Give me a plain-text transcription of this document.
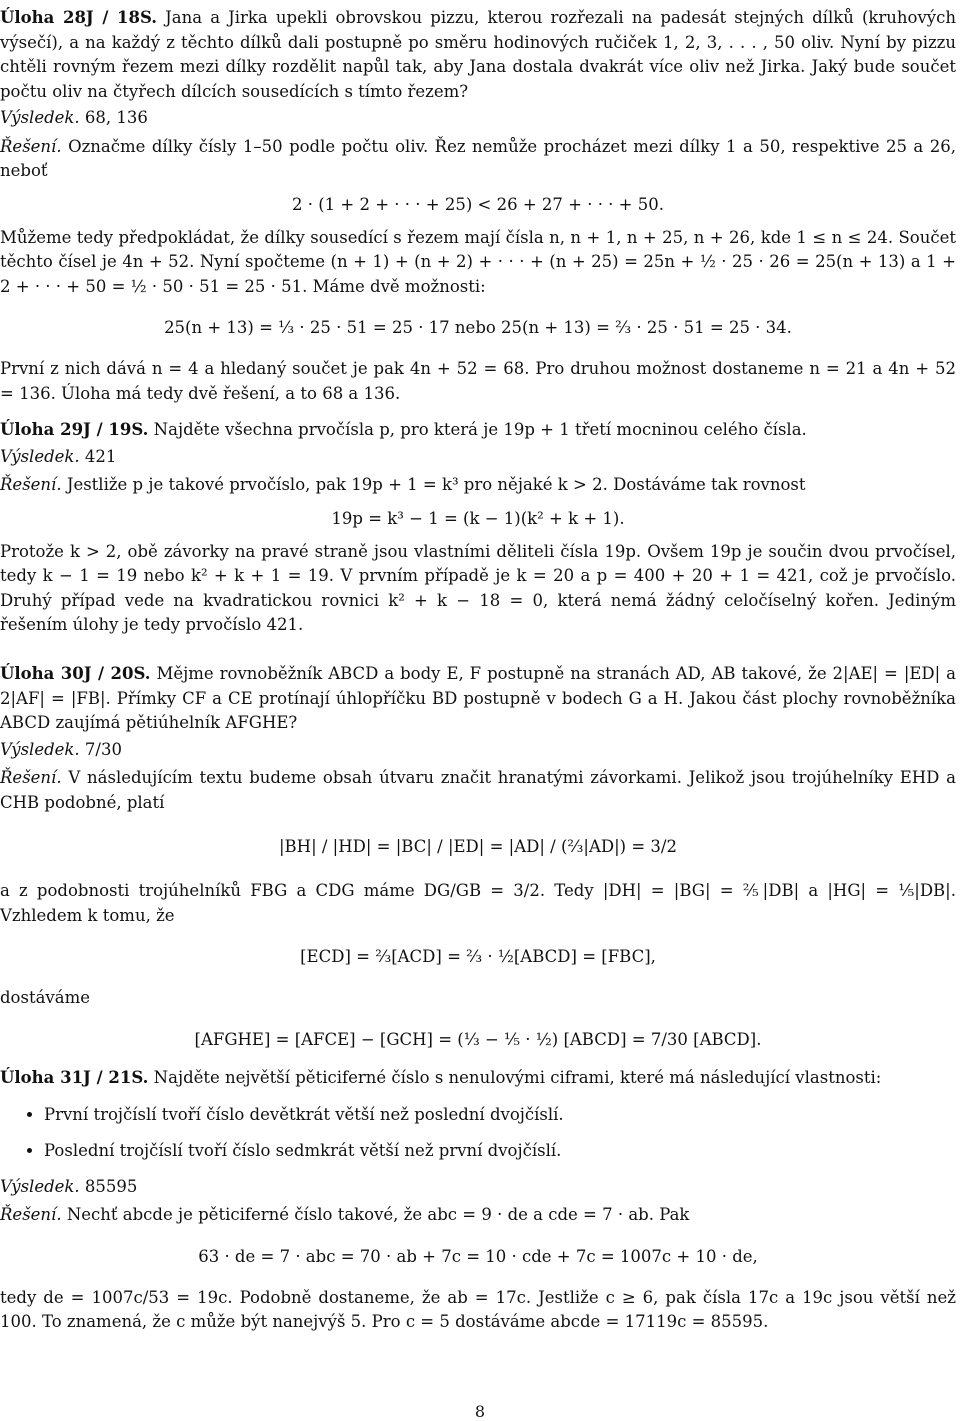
Úloha 28J / 18S. Jana a Jirka upekli obrovskou pizzu, kterou rozřezali na padesát stejných dílků (kruhových výsečí), a na každý z těchto dílků dali postupně po směru hodinových ručiček 1, 2, 3, . . . , 50 oliv. Nyní by pizzu chtěli rovným řezem mezi dílky rozdělit napůl tak, aby Jana dostala dvakrát více oliv než Jirka. Jaký bude součet počtu oliv na čtyřech dílcích sousedících s tímto řezem?

Výsledek. 68, 136

Řešení. Označme dílky čísly 1–50 podle počtu oliv. Řez nemůže procházet mezi dílky 1 a 50, respektive 25 a 26, neboť

2 · (1 + 2 + · · · + 25) < 26 + 27 + · · · + 50.

Můžeme tedy předpokládat, že dílky sousedící s řezem mají čísla n, n + 1, n + 25, n + 26, kde 1 ≤ n ≤ 24. Součet těchto čísel je 4n + 52. Nyní spočteme (n + 1) + (n + 2) + · · · + (n + 25) = 25n + ½ · 25 · 26 = 25(n + 13) a 1 + 2 + · · · + 50 = ½ · 50 · 51 = 25 · 51. Máme dvě možnosti:

25(n + 13) = ⅓ · 25 · 51 = 25 · 17 nebo 25(n + 13) = ⅔ · 25 · 51 = 25 · 34.

První z nich dává n = 4 a hledaný součet je pak 4n + 52 = 68. Pro druhou možnost dostaneme n = 21 a 4n + 52 = 136. Úloha má tedy dvě řešení, a to 68 a 136.

Úloha 29J / 19S. Najděte všechna prvočísla p, pro která je 19p + 1 třetí mocninou celého čísla.

Výsledek. 421

Řešení. Jestliže p je takové prvočíslo, pak 19p + 1 = k³ pro nějaké k > 2. Dostáváme tak rovnost

19p = k³ − 1 = (k − 1)(k² + k + 1).

Protože k > 2, obě závorky na pravé straně jsou vlastními děliteli čísla 19p. Ovšem 19p je součin dvou prvočísel, tedy k − 1 = 19 nebo k² + k + 1 = 19. V prvním případě je k = 20 a p = 400 + 20 + 1 = 421, což je prvočíslo. Druhý případ vede na kvadratickou rovnici k² + k − 18 = 0, která nemá žádný celočíselný kořen. Jediným řešením úlohy je tedy prvočíslo 421.

Úloha 30J / 20S. Mějme rovnoběžník ABCD a body E, F postupně na stranách AD, AB takové, že 2|AE| = |ED| a 2|AF| = |FB|. Přímky CF a CE protínají úhlopříčku BD postupně v bodech G a H. Jakou část plochy rovnoběžníka ABCD zaujímá pětiúhelník AFGHE?

Výsledek. 7/30

Řešení. V následujícím textu budeme obsah útvaru značit hranatými závorkami. Jelikož jsou trojúhelníky EHD a CHB podobné, platí

|BH| / |HD| = |BC| / |ED| = |AD| / (⅔|AD|) = 3/2

a z podobnosti trojúhelníků FBG a CDG máme DG/GB = 3/2. Tedy |DH| = |BG| = ⅖|DB| a |HG| = ⅕|DB|. Vzhledem k tomu, že

[ECD] = ⅔[ACD] = ⅔ · ½[ABCD] = [FBC],

dostáváme

[AFGHE] = [AFCE] − [GCH] = (⅓ − ⅕ · ½) [ABCD] = 7/30 [ABCD].

Úloha 31J / 21S. Najděte největší pěticiferné číslo s nenulovými ciframi, které má následující vlastnosti:

• První trojčíslí tvoří číslo devětkrát větší než poslední dvojčíslí.
• Poslední trojčíslí tvoří číslo sedmkrát větší než první dvojčíslí.

Výsledek. 85595

Řešení. Nechť abcde je pěticiferné číslo takové, že abc = 9 · de a cde = 7 · ab. Pak

63 · de = 7 · abc = 70 · ab + 7c = 10 · cde + 7c = 1007c + 10 · de,

tedy de = 1007c/53 = 19c. Podobně dostaneme, že ab = 17c. Jestliže c ≥ 6, pak čísla 17c a 19c jsou větší než 100. To znamená, že c může být nanejvýš 5. Pro c = 5 dostáváme abcde = 17119c = 85595.

8
